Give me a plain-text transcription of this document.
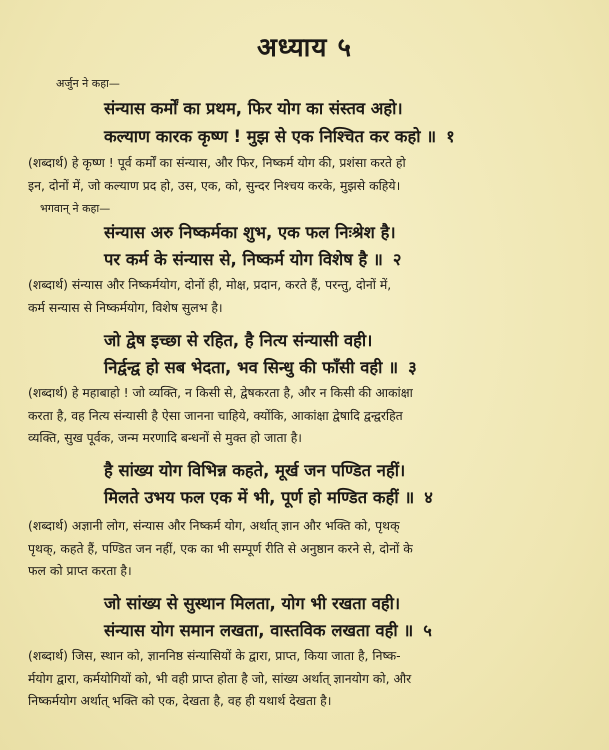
अध्याय ५
अर्जुन ने कहा—
संन्यास कर्मों का प्रथम, फिर योग का संस्तव अहो।
कल्याण कारक कृष्ण ! मुझ से एक निश्चित कर कहो ॥ १
(शब्दार्थ) हे कृष्ण ! पूर्व कर्मों का संन्यास, और फिर, निष्कर्म योग की, प्रशंसा करते हो
इन, दोनों में, जो कल्याण प्रद हो, उस, एक, को, सुन्दर निश्चय करके, मुझसे कहिये।
भगवान् ने कहा—
संन्यास अरु निष्कर्मका शुभ, एक फल निःश्रेश है।
पर कर्म के संन्यास से, निष्कर्म योग विशेष है ॥ २
(शब्दार्थ) संन्यास और निष्कर्मयोग, दोनों ही, मोक्ष, प्रदान, करते हैं, परन्तु, दोनों में,
कर्म सन्यास से निष्कर्मयोग, विशेष सुलभ है।
जो द्वेष इच्छा से रहित, है नित्य संन्यासी वही।
निर्द्वन्द्व हो सब भेदता, भव सिन्धु की फाँसी वही ॥ ३
(शब्दार्थ) हे महाबाहो ! जो व्यक्ति, न किसी से, द्वेषकरता है, और न किसी की आकांक्षा
करता है, वह नित्य संन्यासी है ऐसा जानना चाहिये, क्योंकि, आकांक्षा द्वेषादि द्वन्द्वरहित
व्यक्ति, सुख पूर्वक, जन्म मरणादि बन्धनों से मुक्त हो जाता है।
है सांख्य योग विभिन्न कहते, मूर्ख जन पण्डित नहीं।
मिलते उभय फल एक में भी, पूर्ण हो मण्डित कहीं ॥ ४
(शब्दार्थ) अज्ञानी लोग, संन्यास और निष्कर्म योग, अर्थात् ज्ञान और भक्ति को, पृथक्
पृथक्, कहते हैं, पण्डित जन नहीं, एक का भी सम्पूर्ण रीति से अनुष्ठान करने से, दोनों के
फल को प्राप्त करता है।
जो सांख्य से सुस्थान मिलता, योग भी रखता वही।
संन्यास योग समान लखता, वास्तविक लखता वही ॥ ५
(शब्दार्थ) जिस, स्थान को, ज्ञाननिष्ठ संन्यासियों के द्वारा, प्राप्त, किया जाता है, निष्क-
र्मयोग द्वारा, कर्मयोगियों को, भी वही प्राप्त होता है जो, सांख्य अर्थात् ज्ञानयोग को, और
निष्कर्मयोग अर्थात् भक्ति को एक, देखता है, वह ही यथार्थ देखता है।
